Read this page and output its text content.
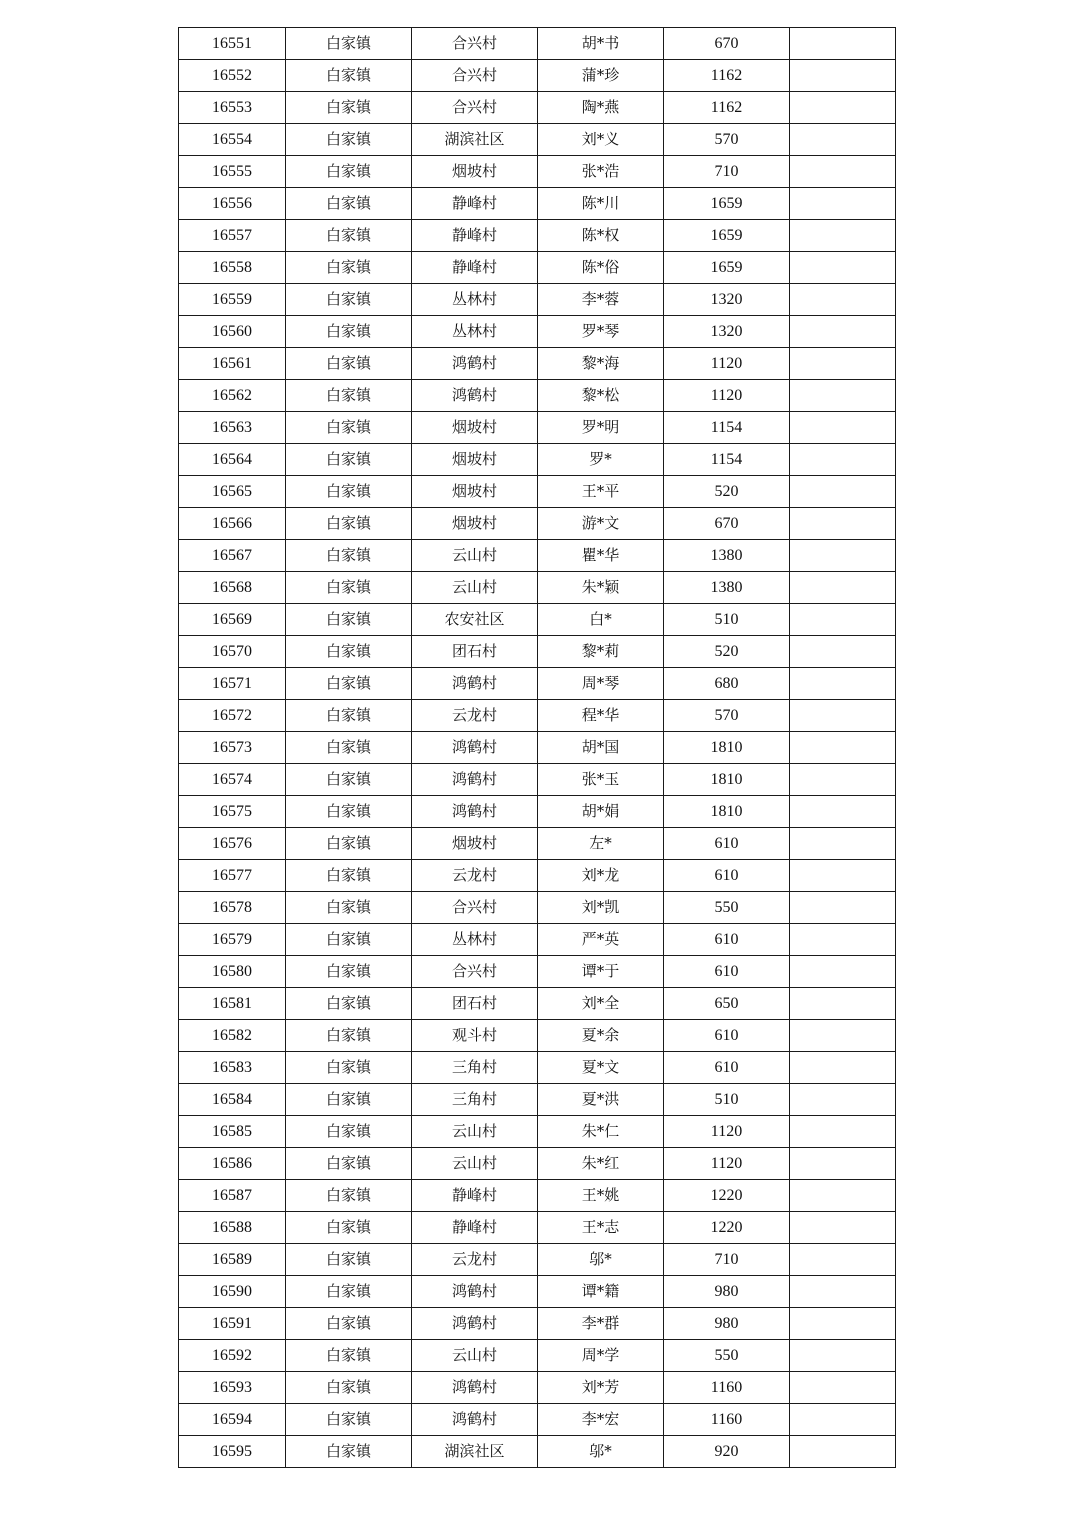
16551	白家镇	合兴村	胡*书	670	
16552	白家镇	合兴村	蒲*珍	1162	
16553	白家镇	合兴村	陶*燕	1162	
16554	白家镇	湖滨社区	刘*义	570	
16555	白家镇	烟坡村	张*浩	710	
16556	白家镇	静峰村	陈*川	1659	
16557	白家镇	静峰村	陈*权	1659	
16558	白家镇	静峰村	陈*俗	1659	
16559	白家镇	丛林村	李*蓉	1320	
16560	白家镇	丛林村	罗*琴	1320	
16561	白家镇	鸿鹤村	黎*海	1120	
16562	白家镇	鸿鹤村	黎*松	1120	
16563	白家镇	烟坡村	罗*明	1154	
16564	白家镇	烟坡村	罗*	1154	
16565	白家镇	烟坡村	王*平	520	
16566	白家镇	烟坡村	游*文	670	
16567	白家镇	云山村	瞿*华	1380	
16568	白家镇	云山村	朱*颖	1380	
16569	白家镇	农安社区	白*	510	
16570	白家镇	团石村	黎*莉	520	
16571	白家镇	鸿鹤村	周*琴	680	
16572	白家镇	云龙村	程*华	570	
16573	白家镇	鸿鹤村	胡*国	1810	
16574	白家镇	鸿鹤村	张*玉	1810	
16575	白家镇	鸿鹤村	胡*娟	1810	
16576	白家镇	烟坡村	左*	610	
16577	白家镇	云龙村	刘*龙	610	
16578	白家镇	合兴村	刘*凯	550	
16579	白家镇	丛林村	严*英	610	
16580	白家镇	合兴村	谭*于	610	
16581	白家镇	团石村	刘*全	650	
16582	白家镇	观斗村	夏*余	610	
16583	白家镇	三角村	夏*文	610	
16584	白家镇	三角村	夏*洪	510	
16585	白家镇	云山村	朱*仁	1120	
16586	白家镇	云山村	朱*红	1120	
16587	白家镇	静峰村	王*姚	1220	
16588	白家镇	静峰村	王*志	1220	
16589	白家镇	云龙村	邬*	710	
16590	白家镇	鸿鹤村	谭*籍	980	
16591	白家镇	鸿鹤村	李*群	980	
16592	白家镇	云山村	周*学	550	
16593	白家镇	鸿鹤村	刘*芳	1160	
16594	白家镇	鸿鹤村	李*宏	1160	
16595	白家镇	湖滨社区	邬*	920	
